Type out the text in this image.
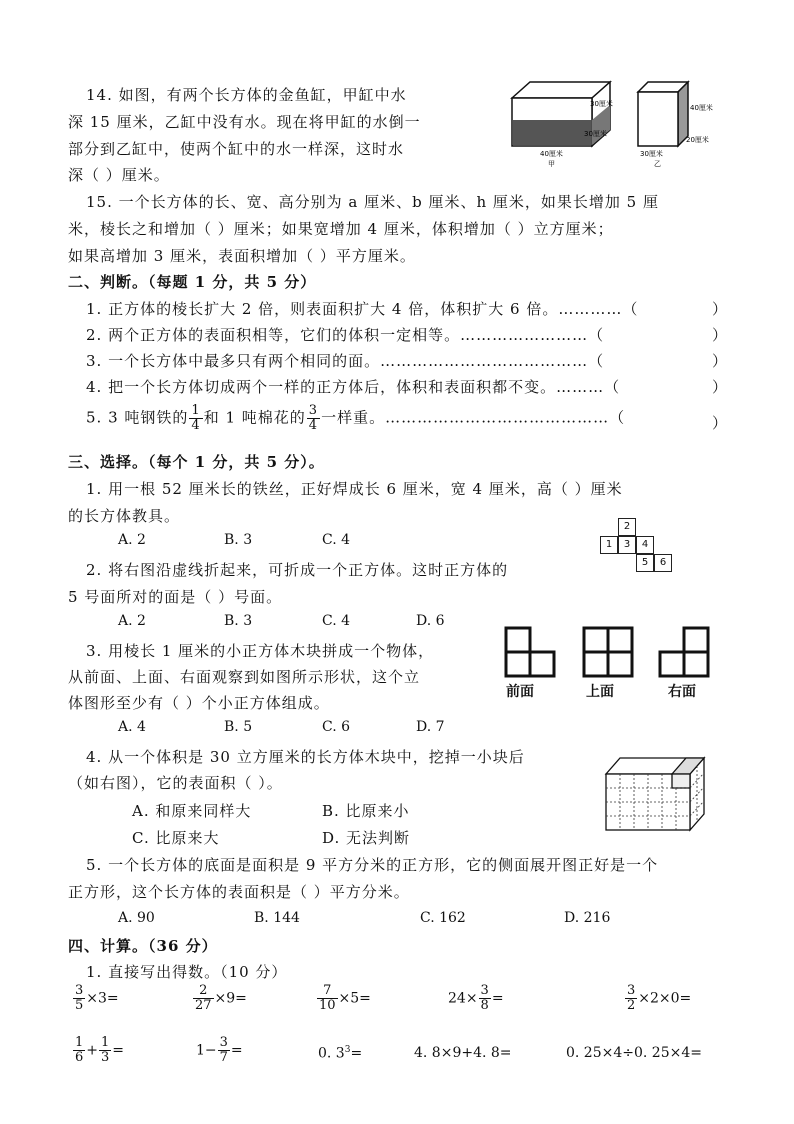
14. 如图，有两个长方体的金鱼缸，甲缸中水
深 15 厘米，乙缸中没有水。现在将甲缸的水倒一
部分到乙缸中，使两个缸中的水一样深，这时水
深（ ）厘米。
30厘米
30厘米
40厘米
甲
40厘米
20厘米
30厘米
乙
15. 一个长方体的长、宽、高分别为 a 厘米、b 厘米、h 厘米，如果长增加 5 厘
米，棱长之和增加（ ）厘米；如果宽增加 4 厘米，体积增加（ ）立方厘米；
如果高增加 3 厘米，表面积增加（ ）平方厘米。
二、判断。（每题 1 分，共 5 分）
1. 正方体的棱长扩大 2 倍，则表面积扩大 4 倍，体积扩大 6 倍。…………（	）
2. 两个正方体的表面积相等，它们的体积一定相等。……………………（	）
3. 一个长方体中最多只有两个相同的面。…………………………………（	）
4. 把一个长方体切成两个一样的正方体后，体积和表面积都不变。………（	）
5. 3 吨钢铁的 $\frac{1}{4}$ 和 1 吨棉花的 $\frac{3}{4}$ 一样重。……………………………………（	）
三、选择。（每个 1 分，共 5 分）。
1. 用一根 52 厘米长的铁丝，正好焊成长 6 厘米，宽 4 厘米，高（ ）厘米
的长方体教具。
A. 2	B. 3	C. 4
2
1	3	4
5	6
2. 将右图沿虚线折起来，可折成一个正方体。这时正方体的
5 号面所对的面是（ ）号面。
A. 2	B. 3	C. 4	D. 6
3. 用棱长 1 厘米的小正方体木块拼成一个物体，
从前面、上面、右面观察到如图所示形状，这个立
体图形至少有（ ）个小正方体组成。
A. 4	B. 5	C. 6	D. 7
前面	上面	右面
4. 从一个体积是 30 立方厘米的长方体木块中，挖掉一小块后
（如右图），它的表面积（ ）。
A. 和原来同样大	B. 比原来小
C. 比原来大	D. 无法判断
5. 一个长方体的底面是面积是 9 平方分米的正方形，它的侧面展开图正好是一个
正方形，这个长方体的表面积是（ ）平方分米。
A. 90	B. 144	C. 162	D. 216
四、计算。（36 分）
1. 直接写出得数。（10 分）
$\frac{3}{5} \times 3=$	$\frac{2}{27} \times 9=$	$\frac{7}{10} \times 5=$	$24\times \frac{3}{8}$ =	$\frac{3}{2} \times 2\times 0=$
$\frac{1}{6} + \frac{1}{3}$ =	$1- \frac{3}{7}$ =	0. $3^3=$	4. 8×9+4. 8=	0. 25×4÷0. 25×4=
